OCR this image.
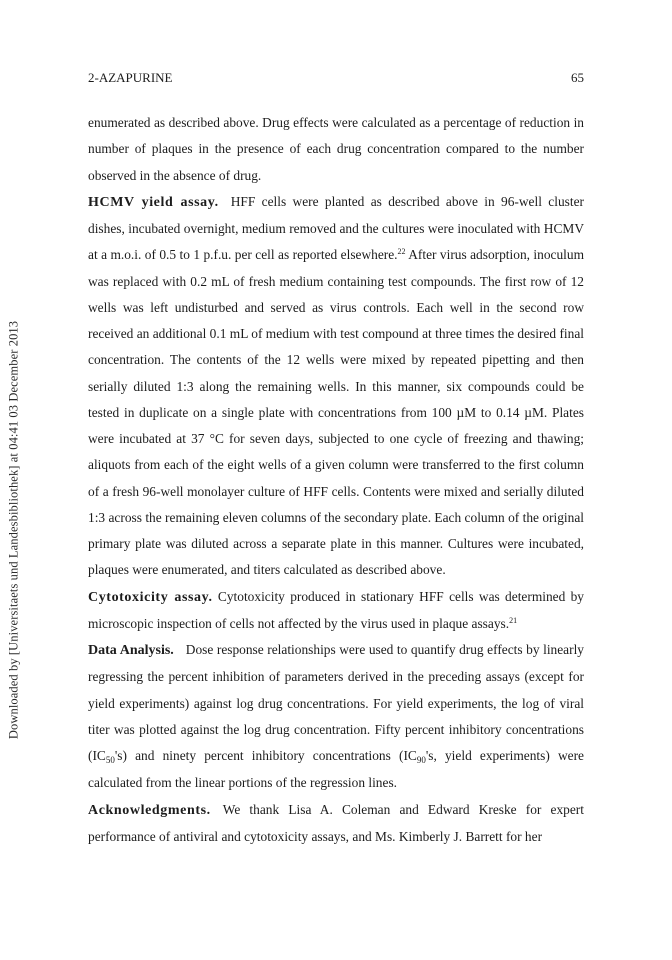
Downloaded by [Universitaets und Landesbibliothek] at 04:41 03 December 2013
2-AZAPURINE	65

enumerated as described above. Drug effects were calculated as a percentage of reduction in number of plaques in the presence of each drug concentration compared to the number observed in the absence of drug.

HCMV yield assay. HFF cells were planted as described above in 96-well cluster dishes, incubated overnight, medium removed and the cultures were inoculated with HCMV at a m.o.i. of 0.5 to 1 p.f.u. per cell as reported elsewhere.$^{22}$ After virus adsorption, inoculum was replaced with 0.2 mL of fresh medium containing test compounds. The first row of 12 wells was left undisturbed and served as virus controls. Each well in the second row received an additional 0.1 mL of medium with test compound at three times the desired final concentration. The contents of the 12 wells were mixed by repeated pipetting and then serially diluted 1:3 along the remaining wells. In this manner, six compounds could be tested in duplicate on a single plate with concentrations from 100 µM to 0.14 µM. Plates were incubated at 37 °C for seven days, subjected to one cycle of freezing and thawing; aliquots from each of the eight wells of a given column were transferred to the first column of a fresh 96-well monolayer culture of HFF cells. Contents were mixed and serially diluted 1:3 across the remaining eleven columns of the secondary plate. Each column of the original primary plate was diluted across a separate plate in this manner. Cultures were incubated, plaques were enumerated, and titers calculated as described above.

Cytotoxicity assay. Cytotoxicity produced in stationary HFF cells was determined by microscopic inspection of cells not affected by the virus used in plaque assays.$^{21}$

Data Analysis. Dose response relationships were used to quantify drug effects by linearly regressing the percent inhibition of parameters derived in the preceding assays (except for yield experiments) against log drug concentrations. For yield experiments, the log of viral titer was plotted against the log drug concentration. Fifty percent inhibitory concentrations $(IC_{50}'s)$ and ninety percent inhibitory concentrations ($IC_{90}'s$, yield experiments) were calculated from the linear portions of the regression lines.

Acknowledgments. We thank Lisa A. Coleman and Edward Kreske for expert performance of antiviral and cytotoxicity assays, and Ms. Kimberly J. Barrett for her
